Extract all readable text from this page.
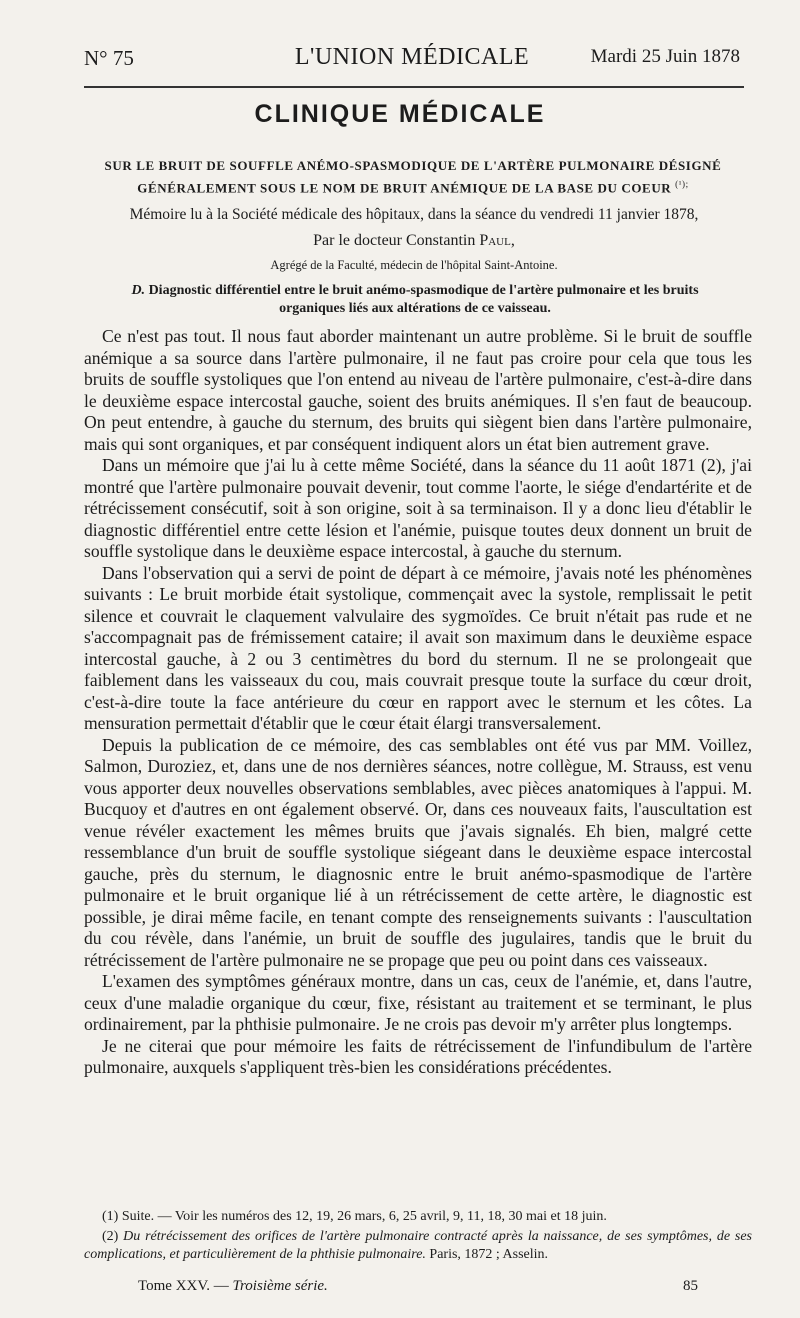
N° 75	L'UNION MÉDICALE	Mardi 25 Juin 1878
CLINIQUE MÉDICALE
SUR LE BRUIT DE SOUFFLE ANÉMO-SPASMODIQUE DE L'ARTÈRE PULMONAIRE DÉSIGNÉ GÉNÉRALEMENT SOUS LE NOM DE BRUIT ANÉMIQUE DE LA BASE DU COEUR $^{(^1);}$
Mémoire lu à la Société médicale des hôpitaux, dans la séance du vendredi 11 janvier 1878,
Par le docteur Constantin Paul,
Agrégé de la Faculté, médecin de l'hôpital Saint-Antoine.
D. Diagnostic différentiel entre le bruit anémo-spasmodique de l'artère pulmonaire et les bruits organiques liés aux altérations de ce vaisseau.

Ce n'est pas tout. Il nous faut aborder maintenant un autre problème. Si le bruit de souffle anémique a sa source dans l'artère pulmonaire, il ne faut pas croire pour cela que tous les bruits de souffle systoliques que l'on entend au niveau de l'artère pulmonaire, c'est-à-dire dans le deuxième espace intercostal gauche, soient des bruits anémiques. Il s'en faut de beaucoup. On peut entendre, à gauche du sternum, des bruits qui siègent bien dans l'artère pulmonaire, mais qui sont organiques, et par conséquent indiquent alors un état bien autrement grave.

Dans un mémoire que j'ai lu à cette même Société, dans la séance du 11 août 1871 (2), j'ai montré que l'artère pulmonaire pouvait devenir, tout comme l'aorte, le siége d'endartérite et de rétrécissement consécutif, soit à son origine, soit à sa terminaison. Il y a donc lieu d'établir le diagnostic différentiel entre cette lésion et l'anémie, puisque toutes deux donnent un bruit de souffle systolique dans le deuxième espace intercostal, à gauche du sternum.

Dans l'observation qui a servi de point de départ à ce mémoire, j'avais noté les phénomènes suivants : Le bruit morbide était systolique, commençait avec la systole, remplissait le petit silence et couvrait le claquement valvulaire des sygmoïdes. Ce bruit n'était pas rude et ne s'accompagnait pas de frémissement cataire; il avait son maximum dans le deuxième espace intercostal gauche, à 2 ou 3 centimètres du bord du sternum. Il ne se prolongeait que faiblement dans les vaisseaux du cou, mais couvrait presque toute la surface du cœur droit, c'est-à-dire toute la face antérieure du cœur en rapport avec le sternum et les côtes. La mensuration permettait d'établir que le cœur était élargi transversalement.

Depuis la publication de ce mémoire, des cas semblables ont été vus par MM. Voillez, Salmon, Duroziez, et, dans une de nos dernières séances, notre collègue, M. Strauss, est venu vous apporter deux nouvelles observations semblables, avec pièces anatomiques à l'appui. M. Bucquoy et d'autres en ont également observé. Or, dans ces nouveaux faits, l'auscultation est venue révéler exactement les mêmes bruits que j'avais signalés. Eh bien, malgré cette ressemblance d'un bruit de souffle systolique siégeant dans le deuxième espace intercostal gauche, près du sternum, le diagnosnic entre le bruit anémo-spasmodique de l'artère pulmonaire et le bruit organique lié à un rétrécissement de cette artère, le diagnostic est possible, je dirai même facile, en tenant compte des renseignements suivants : l'auscultation du cou révèle, dans l'anémie, un bruit de souffle des jugulaires, tandis que le bruit du rétrécissement de l'artère pulmonaire ne se propage que peu ou point dans ces vaisseaux.

L'examen des symptômes généraux montre, dans un cas, ceux de l'anémie, et, dans l'autre, ceux d'une maladie organique du cœur, fixe, résistant au traitement et se terminant, le plus ordinairement, par la phthisie pulmonaire. Je ne crois pas devoir m'y arrêter plus longtemps.

Je ne citerai que pour mémoire les faits de rétrécissement de l'infundibulum de l'artère pulmonaire, auxquels s'appliquent très-bien les considérations précédentes.

(1) Suite. — Voir les numéros des 12, 19, 26 mars, 6, 25 avril, 9, 11, 18, 30 mai et 18 juin.

(2) Du rétrécissement des orifices de l'artère pulmonaire contracté après la naissance, de ses symptômes, de ses complications, et particulièrement de la phthisie pulmonaire. Paris, 1872 ; Asselin.

Tome XXV. — Troisième série.	85
